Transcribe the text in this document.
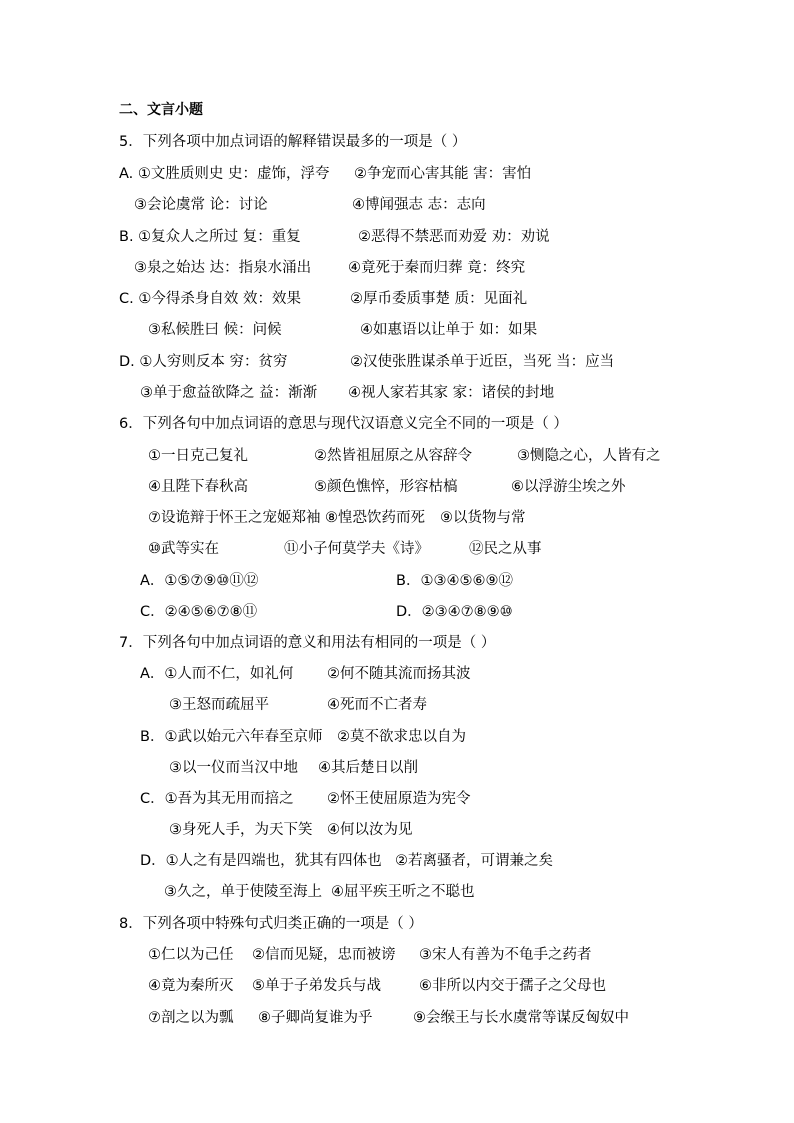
二、文言小题
5．下列各项中加点词语的解释错误最多的一项是（ ）
A. ①文胜质则史 史：虚饰，浮夸 ②争宠而心害其能 害：害怕
③会论虞常 论：讨论	④博闻强志 志：志向
B. ①复众人之所过 复：重复	②恶得不禁恶而劝爱 劝：劝说
③泉之始达 达：指泉水涌出	④竟死于秦而归葬 竟：终究
C. ①今得杀身自效 效：效果	②厚币委质事楚 质：见面礼
③私候胜曰 候：问候	④如惠语以让单于 如：如果
D. ①人穷则反本 穷：贫穷	②汉使张胜谋杀单于近臣，当死 当：应当
③单于愈益欲降之 益：渐渐 ④视人家若其家 家：诸侯的封地
6．下列各句中加点词语的意思与现代汉语意义完全不同的一项是（ ）
①一日克己复礼	②然皆祖屈原之从容辞令	③恻隐之心，人皆有之
④且陛下春秋高	⑤颜色憔悴，形容枯槁	⑥以浮游尘埃之外
⑦设诡辩于怀王之宠姬郑袖 ⑧惶恐饮药而死 ⑨以货物与常
⑩武等实在	⑪小子何莫学夫《诗》	⑫民之从事
A．①⑤⑦⑨⑩⑪⑫	B．①③④⑤⑥⑨⑫
C．②④⑤⑥⑦⑧⑪	D．②③④⑦⑧⑨⑩
7．下列各句中加点词语的意义和用法有相同的一项是（ ）
A．①人而不仁，如礼何 ②何不随其流而扬其波
③王怒而疏屈平	④死而不亡者寿
B．①武以始元六年春至京师 ②莫不欲求忠以自为
③以一仪而当汉中地 ④其后楚日以削
C．①吾为其无用而掊之 ②怀王使屈原造为宪令
③身死人手，为天下笑 ④何以汝为见
D．①人之有是四端也，犹其有四体也 ②若离骚者，可谓兼之矣
③久之，单于使陵至海上 ④屈平疾王听之不聪也
8．下列各项中特殊句式归类正确的一项是（ ）
①仁以为己任 ②信而见疑，忠而被谤 ③宋人有善为不龟手之药者
④竟为秦所灭 ⑤单于子弟发兵与战	⑥非所以内交于孺子之父母也
⑦剖之以为瓢 ⑧子卿尚复谁为乎	⑨会缑王与长水虞常等谋反匈奴中
